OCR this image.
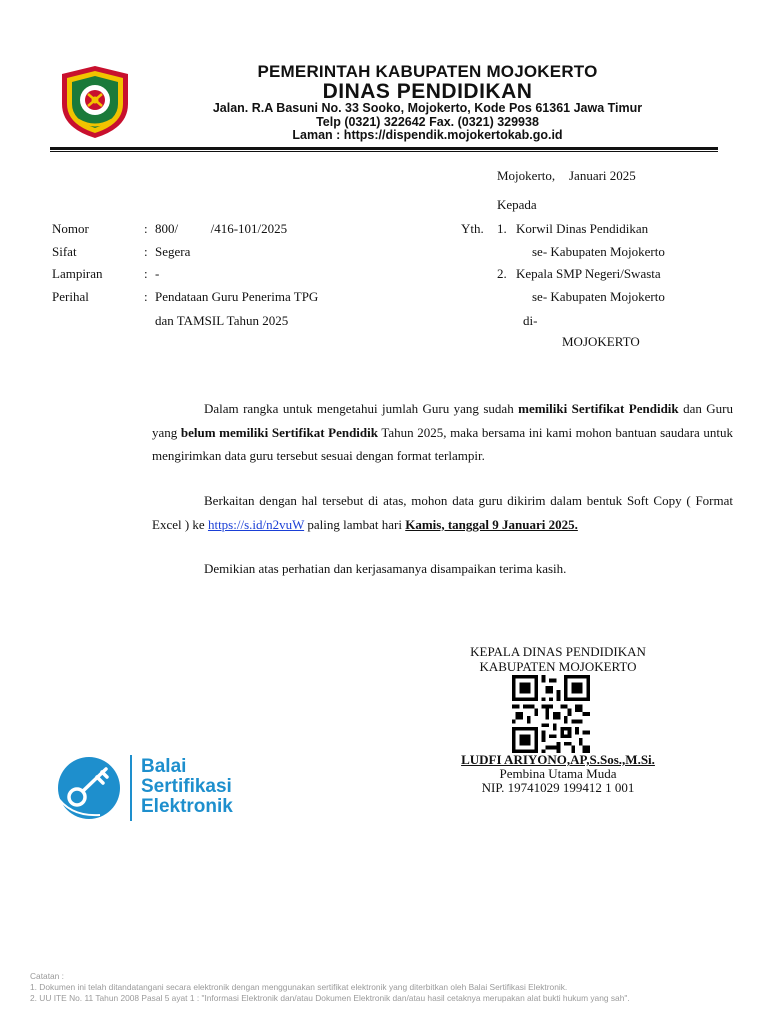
PEMERINTAH KABUPATEN MOJOKERTO
DINAS PENDIDIKAN
Jalan. R.A Basuni No. 33 Sooko, Mojokerto, Kode Pos 61361 Jawa Timur
Telp (0321) 322642 Fax. (0321) 329938
Laman : https://dispendik.mojokertokab.go.id
Mojokerto, Januari 2025
Nomor	: 800/          /416-101/2025
Sifat	: Segera
Lampiran	: -
Perihal	: Pendataan Guru Penerima TPG
dan TAMSIL Tahun 2025
Kepada
Yth. 1. Korwil Dinas Pendidikan
se- Kabupaten Mojokerto
2. Kepala SMP Negeri/Swasta
se- Kabupaten Mojokerto
di-
MOJOKERTO
Dalam rangka untuk mengetahui jumlah Guru yang sudah memiliki Sertifikat Pendidik dan Guru yang belum memiliki Sertifikat Pendidik Tahun 2025, maka bersama ini kami mohon bantuan saudara untuk mengirimkan data guru tersebut sesuai dengan format terlampir.
Berkaitan dengan hal tersebut di atas, mohon data guru dikirim dalam bentuk Soft Copy ( Format Excel ) ke https://s.id/n2vuW paling lambat hari Kamis, tanggal 9 Januari 2025.
Demikian atas perhatian dan kerjasamanya disampaikan terima kasih.
KEPALA DINAS PENDIDIKAN
KABUPATEN MOJOKERTO
LUDFI ARIYONO,AP,S.Sos.,M.Si.
Pembina Utama Muda
NIP. 19741029 199412 1 001
Balai
Sertifikasi
Elektronik
Catatan :
1. Dokumen ini telah ditandatangani secara elektronik dengan menggunakan sertifikat elektronik yang diterbitkan oleh Balai Sertifikasi Elektronik.
2. UU ITE No. 11 Tahun 2008 Pasal 5 ayat 1 : "Informasi Elektronik dan/atau Dokumen Elektronik dan/atau hasil cetaknya merupakan alat bukti hukum yang sah".
